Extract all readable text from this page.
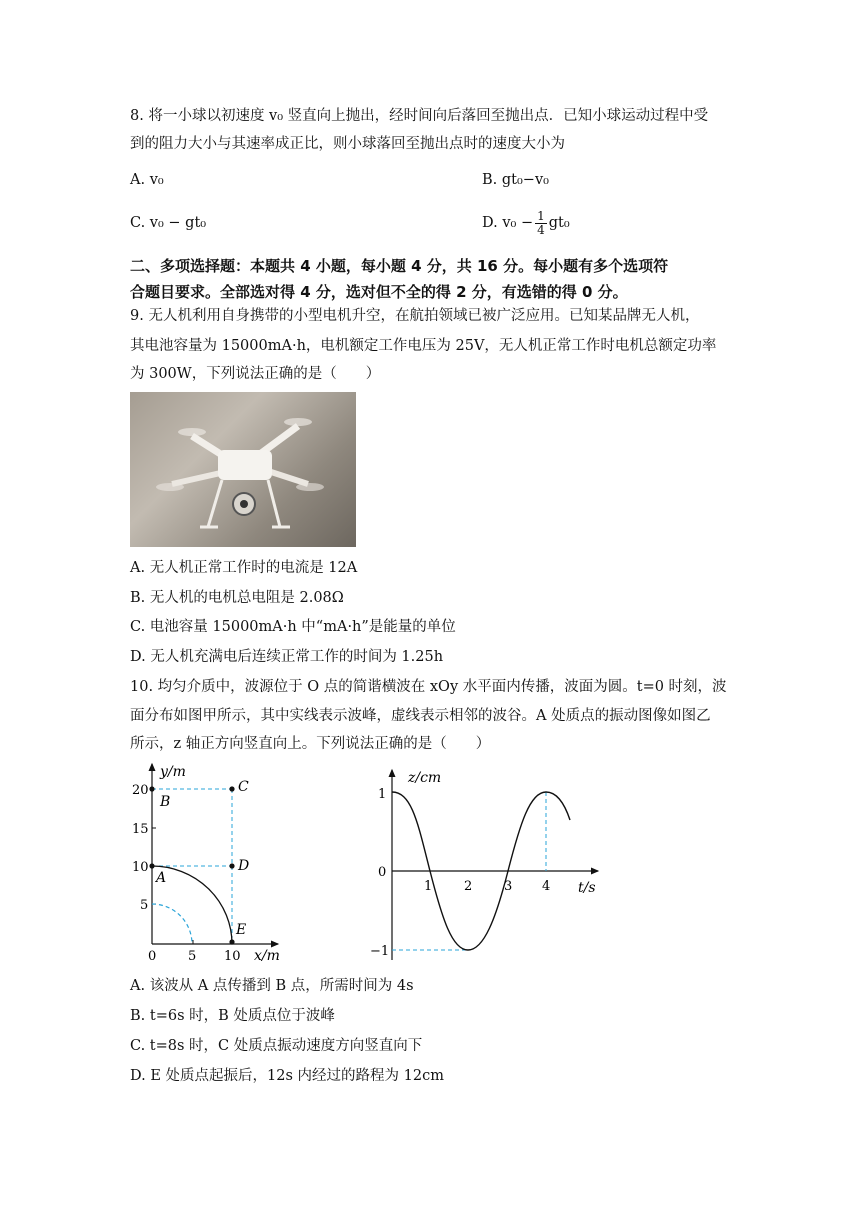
8. 将一小球以初速度 v₀ 竖直向上抛出，经时间向后落回至抛出点．已知小球运动过程中受
到的阻力大小与其速率成正比，则小球落回至抛出点时的速度大小为
A. v₀	B. gt₀−v₀
C. v₀ − gt₀	D. $v_0 - \frac{1}{4} gt_0$
二、多项选择题：本题共 4 小题，每小题 4 分，共 16 分。每小题有多个选项符
合题目要求。全部选对得 4 分，选对但不全的得 2 分，有选错的得 0 分。
9. 无人机利用自身携带的小型电机升空，在航拍领域已被广泛应用。已知某品牌无人机，
其电池容量为 15000mA·h，电机额定工作电压为 25V，无人机正常工作时电机总额定功率
为 300W，下列说法正确的是（　　）
A. 无人机正常工作时的电流是 12A
B. 无人机的电机总电阻是 2.08Ω
C. 电池容量 15000mA·h 中“mA·h”是能量的单位
D. 无人机充满电后连续正常工作的时间为 1.25h
10. 均匀介质中，波源位于 O 点的简谐横波在 xOy 水平面内传播，波面为圆。t=0 时刻，波
面分布如图甲所示，其中实线表示波峰，虚线表示相邻的波谷。A 处质点的振动图像如图乙
所示，z 轴正方向竖直向上。下列说法正确的是（　　）
y/m
x/m
20
15
10
5
0 5 10
A
B
C
D
E
z/cm
t/s
1
0
−1
1 2 3 4
A. 该波从 A 点传播到 B 点，所需时间为 4s
B. t=6s 时，B 处质点位于波峰
C. t=8s 时，C 处质点振动速度方向竖直向下
D. E 处质点起振后，12s 内经过的路程为 12cm
